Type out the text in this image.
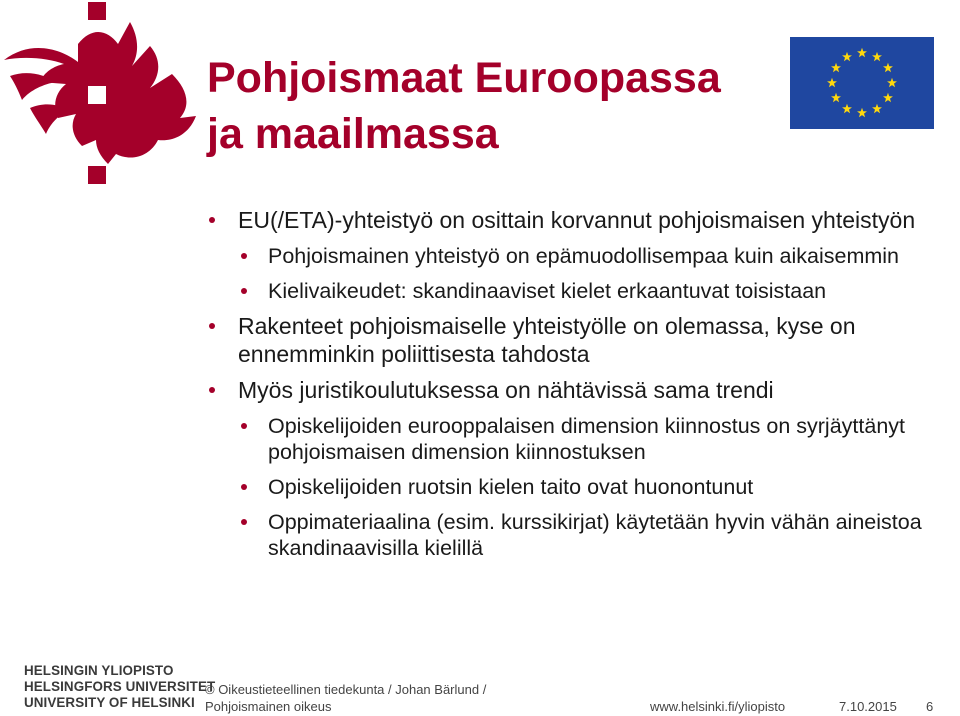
Pohjoismaat Euroopassa
ja maailmassa
EU(/ETA)-yhteistyö on osittain korvannut pohjoismaisen yhteistyön
Pohjoismainen yhteistyö on epämuodollisempaa kuin aikaisemmin
Kielivaikeudet: skandinaaviset kielet erkaantuvat toisistaan
Rakenteet pohjoismaiselle yhteistyölle on olemassa, kyse on ennemminkin poliittisesta tahdosta
Myös juristikoulutuksessa on nähtävissä sama trendi
Opiskelijoiden eurooppalaisen dimension kiinnostus on syrjäyttänyt pohjoismaisen dimension kiinnostuksen
Opiskelijoiden ruotsin kielen taito ovat huonontunut
Oppimateriaalina (esim. kurssikirjat) käytetään hyvin vähän aineistoa skandinaavisilla kielillä
HELSINGIN YLIOPISTO
HELSINGFORS UNIVERSITET
UNIVERSITY OF HELSINKI
© Oikeustieteellinen tiedekunta / Johan Bärlund /
Pohjoismainen oikeus	www.helsinki.fi/yliopisto	7.10.2015 6
